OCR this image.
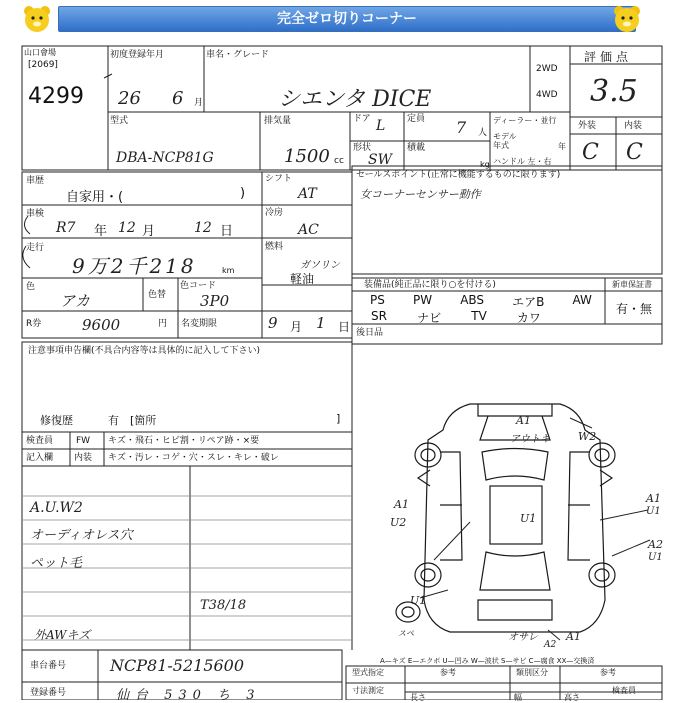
完全ゼロ切りコーナー
山口會場
[2069]
4299
初度登録年月
26 6 月
車名・グレード
シエンタ DICE
2WD
4WD
評価点
3.5
型式
DBA-NCP81G
排気量
1500 cc
ドア L 定員 7 人
形状
SW
積載
kg
ディーラー・並行
モデル年式	年
ハンドル 左・右
外装	内装
C C
車歴
自家用・(	)
シフト
AT
車検
R7 年 12 月	12 日
冷房
AC
走行
9万2千218	km
燃料
ガソリン
軽油
色
アカ	色替
色コード
3P0
R券	9600	円 名変期限	9 月 1 日
セールスポイント(正常に機能するものに限ります)
女コーナーセンサー動作
装備品(純正品に限り○を付ける)	新車保証書
有・無
PS PW ABS エアB AW
SR	ナビ	TV	カワ
後日品
注意事項申告欄(不具合内容等は具体的に記入して下さい)
修復歴	有 [箇所	]
検査員
記入欄
FW キズ・飛石・ヒビ割・リペア跡・×要
内装 キズ・汚レ・コゲ・穴・スレ・キレ・破レ
A.U.W2
オーディオレス穴
ペット毛
T38/18
外AWキズ
A1
アウトキ	W2
A1
U2	U1
A1
U1
A2
U1
U1
スペ	オサレ
A2
A1
A—キズ E—エクボ U—凹み W—波状 S—サビ C—腐食 XX—交換済
車台番号	NCP81-5215600
登録番号	仙台 530 ち 3
型式指定	参考	類別区分	参考
寸法測定
長さ	幅	高さ
検査員
